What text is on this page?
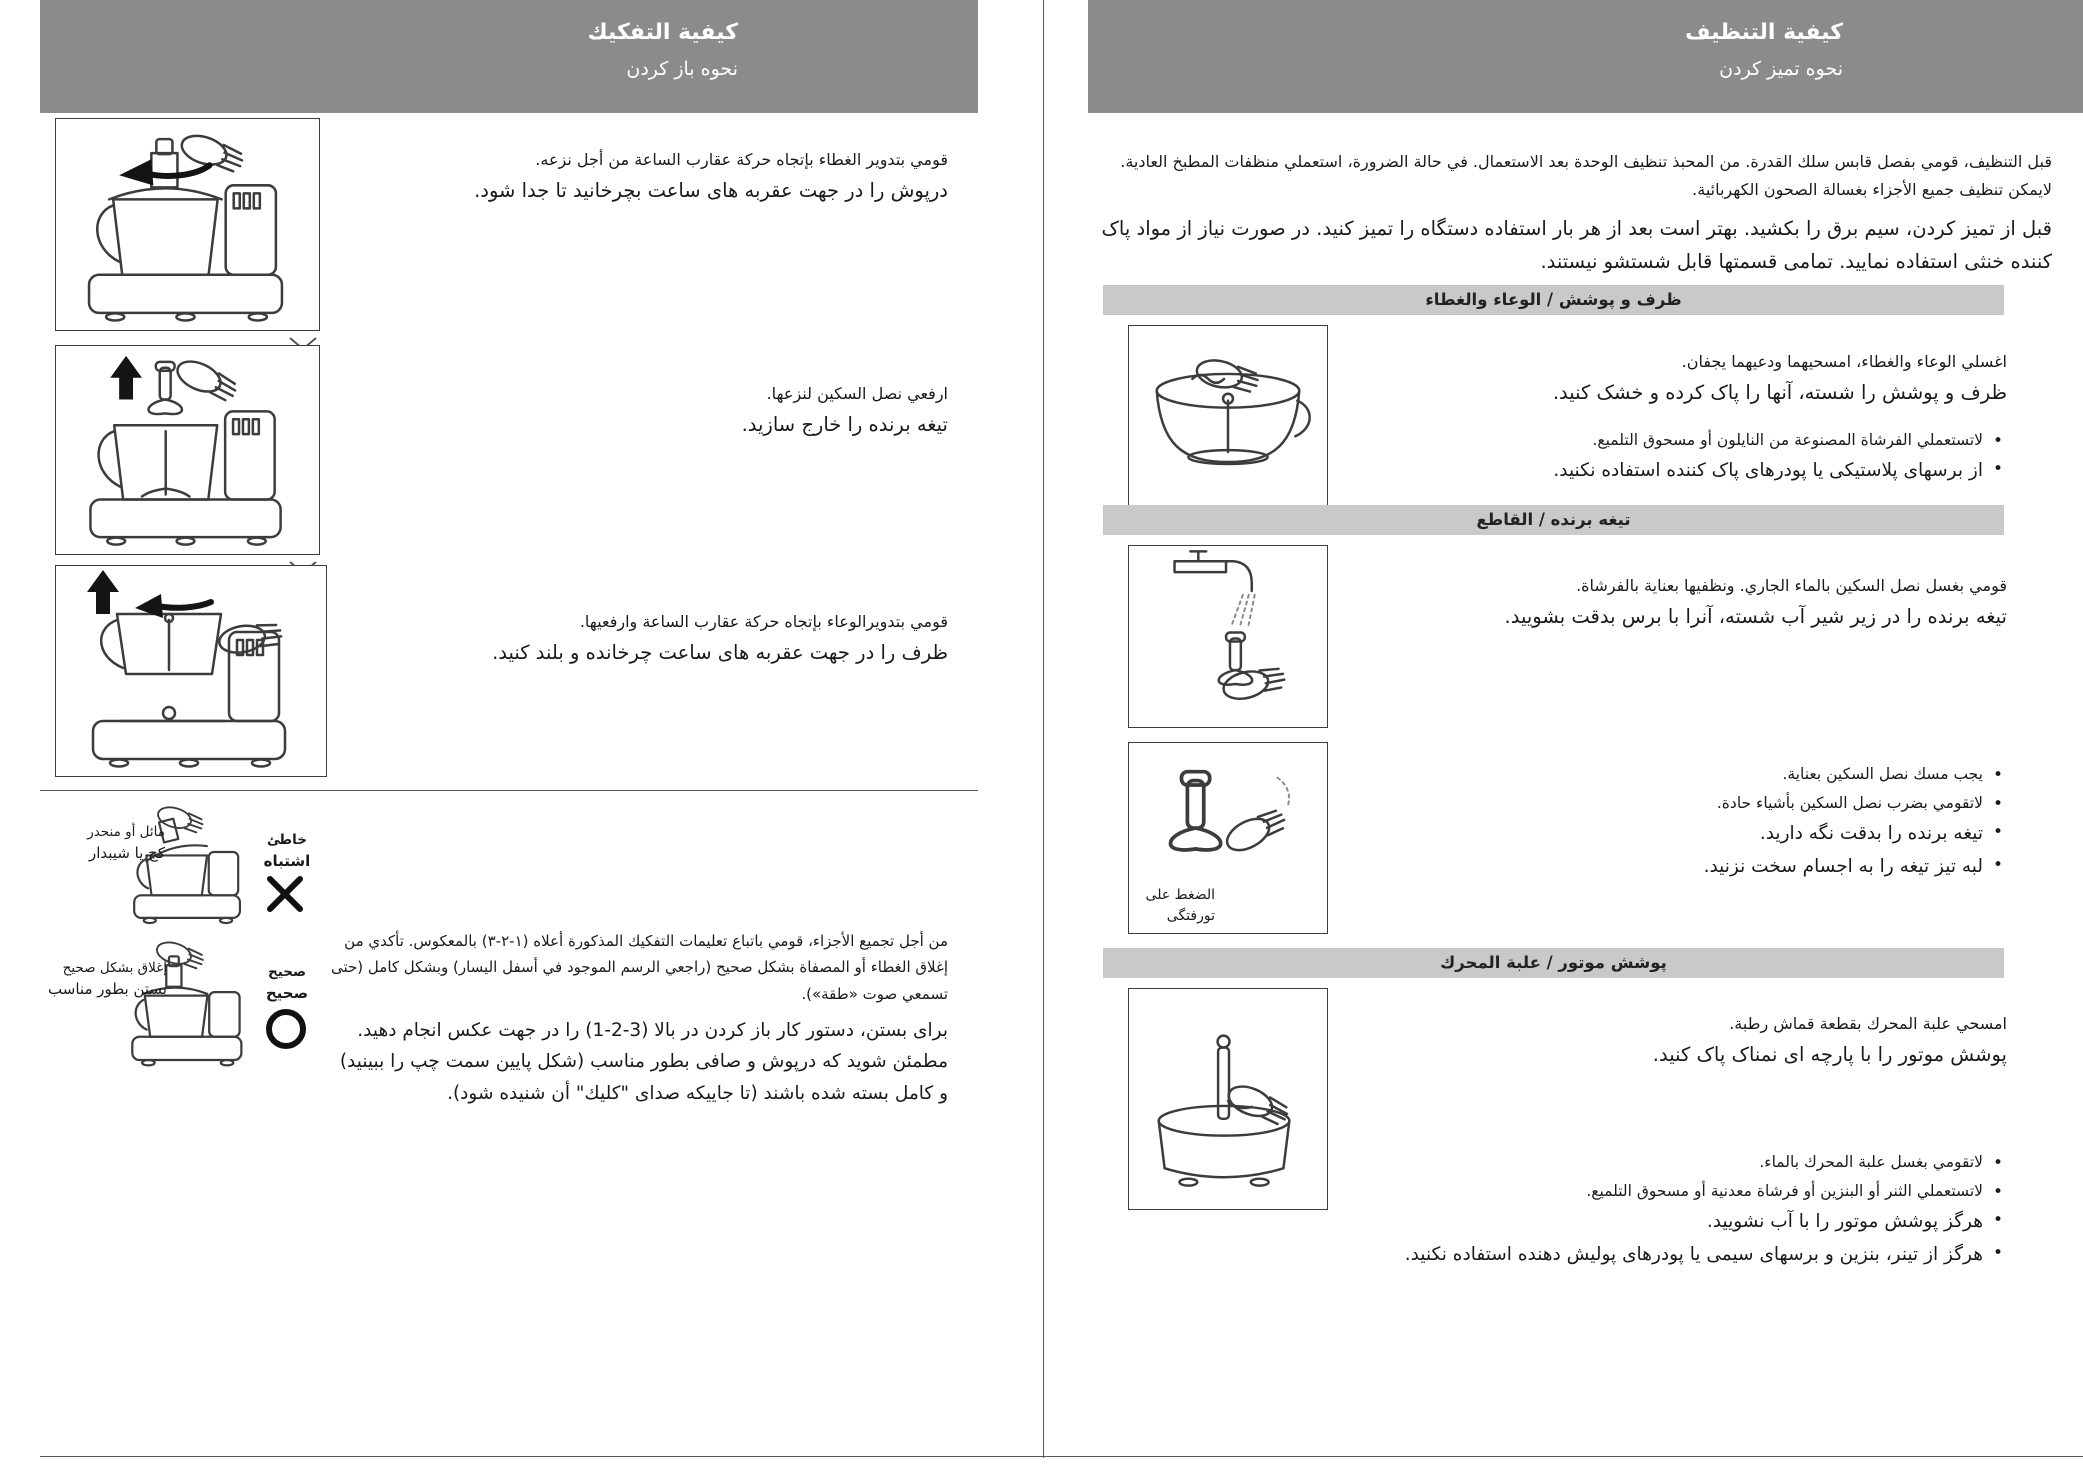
كيفية التنظيف
نحوه تميز كردن
قبل التنظيف، قومي بفصل قابس سلك القدرة. من المحبذ تنظيف الوحدة بعد الاستعمال. في حالة الضرورة، استعملي منظفات المطبخ العادية. لايمكن تنظيف جميع الأجزاء بغسالة الصحون الكهربائية.
قبل از تميز كردن، سيم برق را بكشيد. بهتر است بعد از هر بار استفاده دستگاه را تميز كنيد. در صورت نياز از مواد پاک كننده خنثى استفاده نماييد. تمامى قسمتها قابل شستشو نيستند.
ظرف و پوشش / الوعاء والغطاء
اغسلي الوعاء والغطاء، امسحيهما ودعيهما يجفان.
ظرف و پوشش را شسته، آنها را پاک كرده و خشک كنيد.
• لاتستعملي الفرشاة المصنوعة من النايلون أو مسحوق التلميع.
• از برسهاى پلاستيكى يا پودرهاى پاک كننده استفاده نكنيد.
تيغه برنده / القاطع
قومي بغسل نصل السكين بالماء الجاري. ونظفيها بعناية بالفرشاة.
تيغه برنده را در زير شير آب شسته، آنرا با برس بدقت بشوييد.
الضغط على
تورفتگى
• يجب مسك نصل السكين بعناية.
• لاتقومي بضرب نصل السكين بأشياء حادة.
• تيغه برنده را بدقت نگه داريد.
• لبه تيز تيغه را به اجسام سخت نزنيد.
پوشش موتور / علبة المحرك
امسحي علبة المحرك بقطعة قماش رطبة.
پوشش موتور را با پارچه اى نمناک پاک كنيد.
• لاتقومي بغسل علبة المحرك بالماء.
• لاتستعملي الثنر أو البنزين أو فرشاة معدنية أو مسحوق التلميع.
• هرگز پوشش موتور را با آب نشوييد.
• هرگز از تينر، بنزين و برسهاى سيمى يا پودرهاى پوليش دهنده استفاده نكنيد.
كيفية التفكيك
نحوه باز كردن
قومي بتدوير الغطاء بإتجاه حركة عقارب الساعة من أجل نزعه.
درپوش را در جهت عقربه هاى ساعت بچرخانيد تا جدا شود.
ارفعي نصل السكين لنزعها.
تيغه برنده را خارج سازيد.
قومي بتدويرالوعاء بإتجاه حركة عقارب الساعة وارفعيها.
ظرف را در جهت عقربه هاى ساعت چرخانده و بلند كنيد.
مائل أو منحدر
كج يا شيبدار
خاطئ
اشتباه
إغلاق بشكل صحيح
بستن بطور مناسب
صحيح
صحيح
من أجل تجميع الأجزاء، قومي باتباع تعليمات التفكيك المذكورة أعلاه (١-٢-٣) بالمعكوس. تأكدي من إغلاق الغطاء أو المصفاة بشكل صحيح (راجعي الرسم الموجود في أسفل اليسار) وبشكل كامل (حتى تسمعي صوت «طقة»).
براى بستن، دستور كار باز كردن در بالا (3-2-1) را در جهت عكس انجام دهيد. مطمئن شويد كه درپوش و صافى بطور مناسب (شكل پايين سمت چپ را ببينيد) و كامل بسته شده باشند (تا جاييكه صداى "كليك" أن شنيده شود).
